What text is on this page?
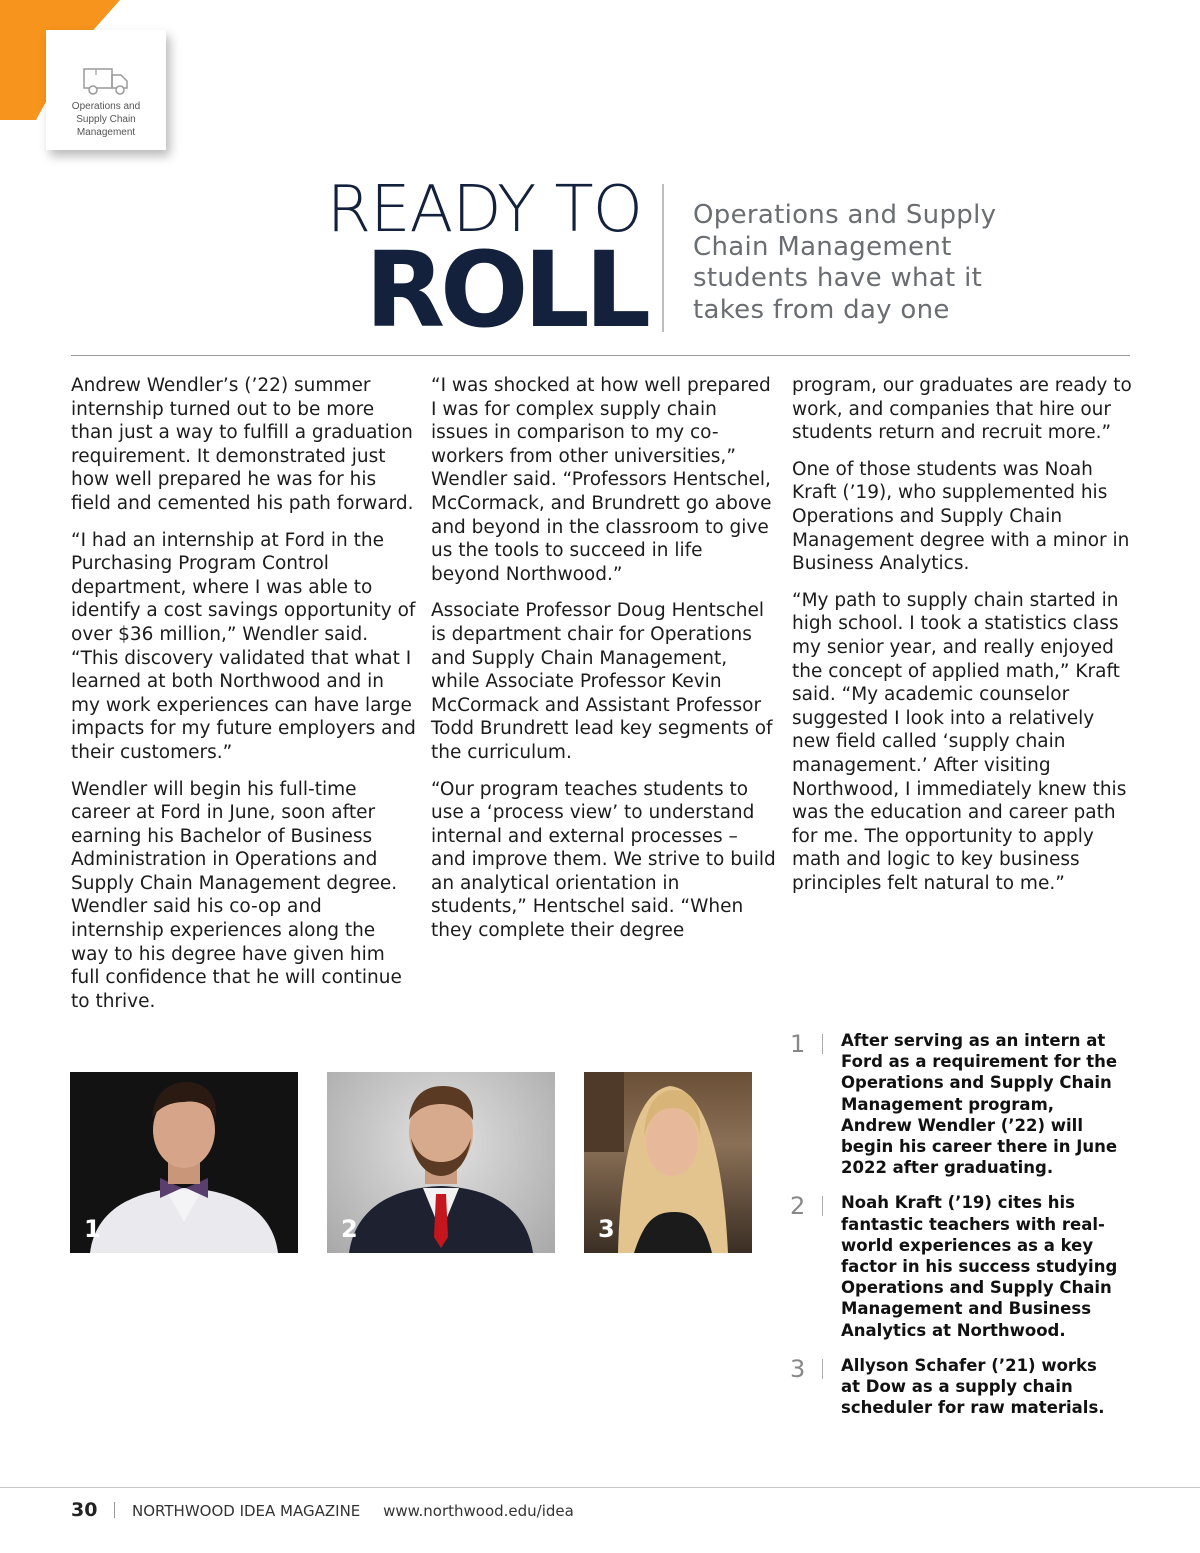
Operations and Supply Chain Management
READY TO
ROLL
Operations and Supply Chain Management students have what it takes from day one

Andrew Wendler’s (’22) summer internship turned out to be more than just a way to fulfill a graduation requirement. It demonstrated just how well prepared he was for his field and cemented his path forward.

“I had an internship at Ford in the Purchasing Program Control department, where I was able to identify a cost savings opportunity of over $36 million,” Wendler said. “This discovery validated that what I learned at both Northwood and in my work experiences can have large impacts for my future employers and their customers.”

Wendler will begin his full-time career at Ford in June, soon after earning his Bachelor of Business Administration in Operations and Supply Chain Management degree. Wendler said his co-op and internship experiences along the way to his degree have given him full confidence that he will continue to thrive.

“I was shocked at how well prepared I was for complex supply chain issues in comparison to my co-workers from other universities,” Wendler said. “Professors Hentschel, McCormack, and Brundrett go above and beyond in the classroom to give us the tools to succeed in life beyond Northwood.”

Associate Professor Doug Hentschel is department chair for Operations and Supply Chain Management, while Associate Professor Kevin McCormack and Assistant Professor Todd Brundrett lead key segments of the curriculum.

“Our program teaches students to use a ‘process view’ to understand internal and external processes – and improve them. We strive to build an analytical orientation in students,” Hentschel said. “When they complete their degree

program, our graduates are ready to work, and companies that hire our students return and recruit more.”

One of those students was Noah Kraft (’19), who supplemented his Operations and Supply Chain Management degree with a minor in Business Analytics.

“My path to supply chain started in high school. I took a statistics class my senior year, and really enjoyed the concept of applied math,” Kraft said. “My academic counselor suggested I look into a relatively new field called ‘supply chain management.’ After visiting Northwood, I immediately knew this was the education and career path for me. The opportunity to apply math and logic to key business principles felt natural to me.”

1	2	3
1	After serving as an intern at Ford as a requirement for the Operations and Supply Chain Management program, Andrew Wendler (’22) will begin his career there in June 2022 after graduating.
2	Noah Kraft (’19) cites his fantastic teachers with real-world experiences as a key factor in his success studying Operations and Supply Chain Management and Business Analytics at Northwood.
3	Allyson Schafer (’21) works at Dow as a supply chain scheduler for raw materials.
30 NORTHWOOD IDEA MAGAZINE www.northwood.edu/idea
